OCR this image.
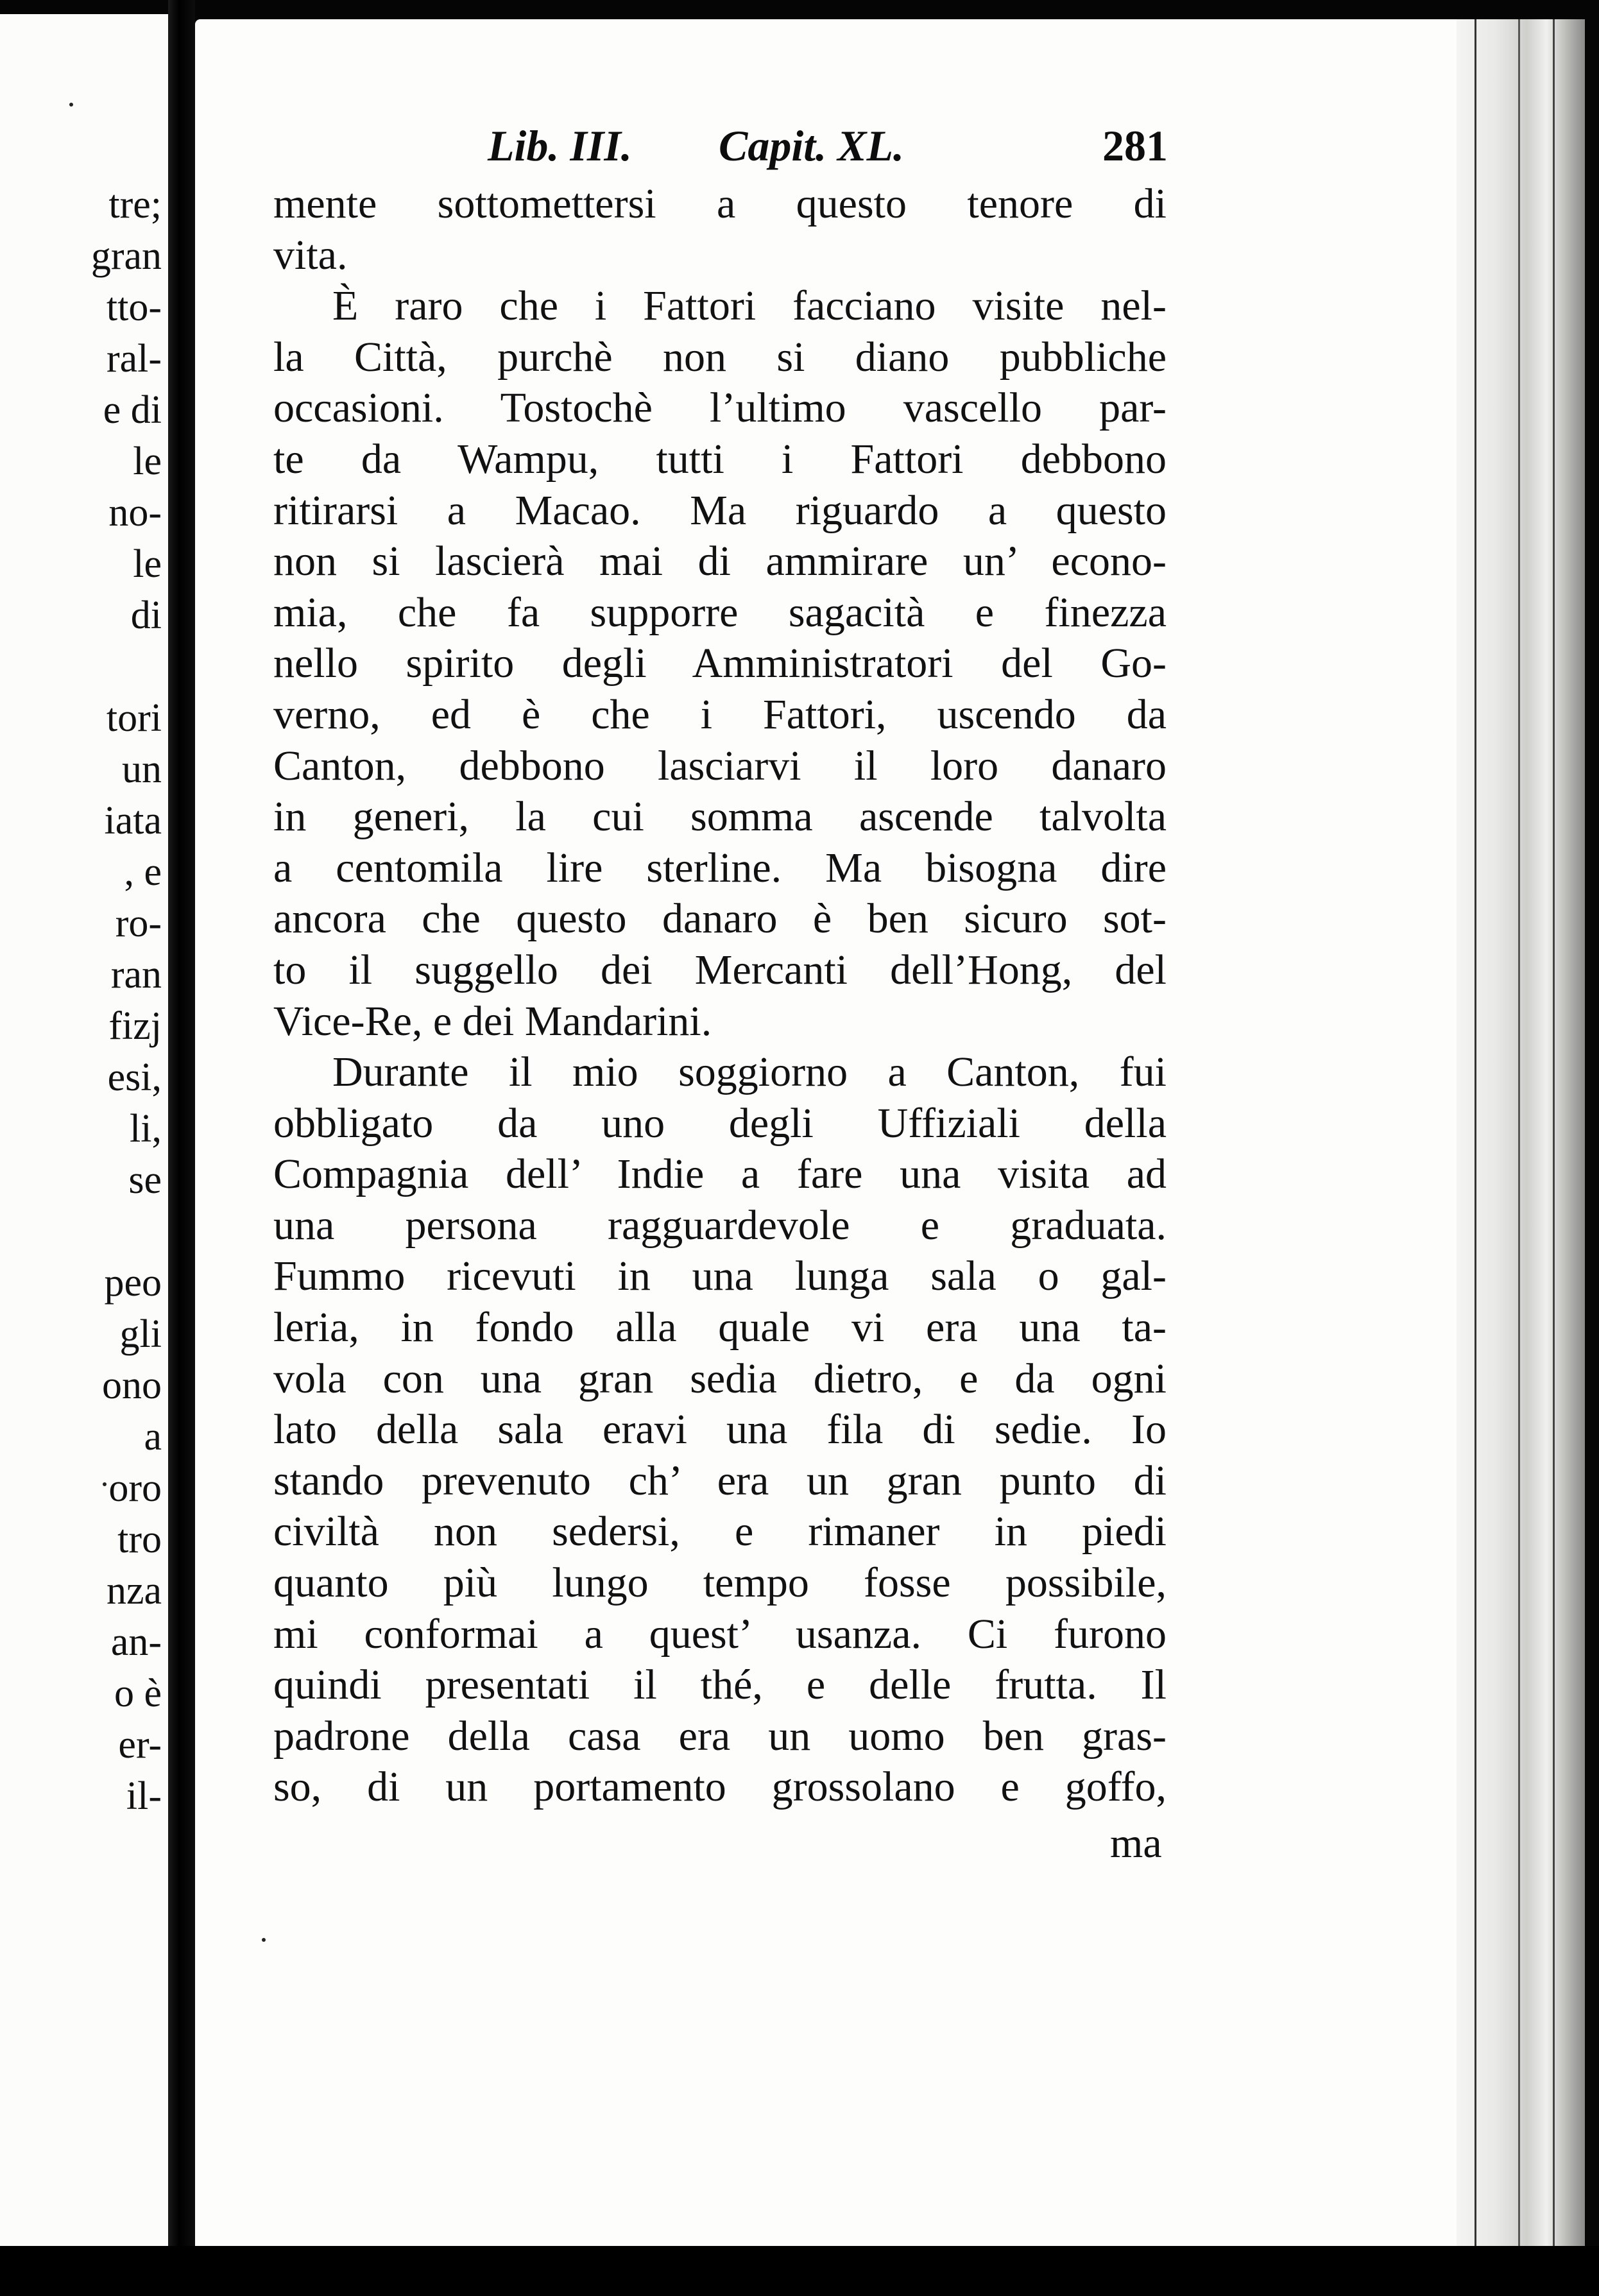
tre;
gran
tto-
ral-
e di
le
no-
le
di
tori
un
iata
, e
ro-
ran
fizj
esi,
li,
se
peo
gli
ono
a
oro
tro
nza
an-
o è
er-
il-
Lib. III. Capit. XL.	281
mente sottomettersi a questo tenore di
vita.
È raro che i Fattori facciano visite nel-
la Città, purchè non si diano pubbliche
occasioni. Tostochè l’ultimo vascello par-
te da Wampu, tutti i Fattori debbono
ritirarsi a Macao. Ma riguardo a questo
non si lascierà mai di ammirare un’ econo-
mia, che fa supporre sagacità e finezza
nello spirito degli Amministratori del Go-
verno, ed è che i Fattori, uscendo da
Canton, debbono lasciarvi il loro danaro
in generi, la cui somma ascende talvolta
a centomila lire sterline. Ma bisogna dire
ancora che questo danaro è ben sicuro sot-
to il suggello dei Mercanti dell’Hong, del
Vice-Re, e dei Mandarini.
Durante il mio soggiorno a Canton, fui
obbligato da uno degli Uffiziali della
Compagnia dell’ Indie a fare una visita ad
una persona ragguardevole e graduata.
Fummo ricevuti in una lunga sala o gal-
leria, in fondo alla quale vi era una ta-
vola con una gran sedia dietro, e da ogni
lato della sala eravi una fila di sedie. Io
stando prevenuto ch’ era un gran punto di
civiltà non sedersi, e rimaner in piedi
quanto più lungo tempo fosse possibile,
mi conformai a quest’ usanza. Ci furono
quindi presentati il thé, e delle frutta. Il
padrone della casa era un uomo ben gras-
so, di un portamento grossolano e goffo,
ma
